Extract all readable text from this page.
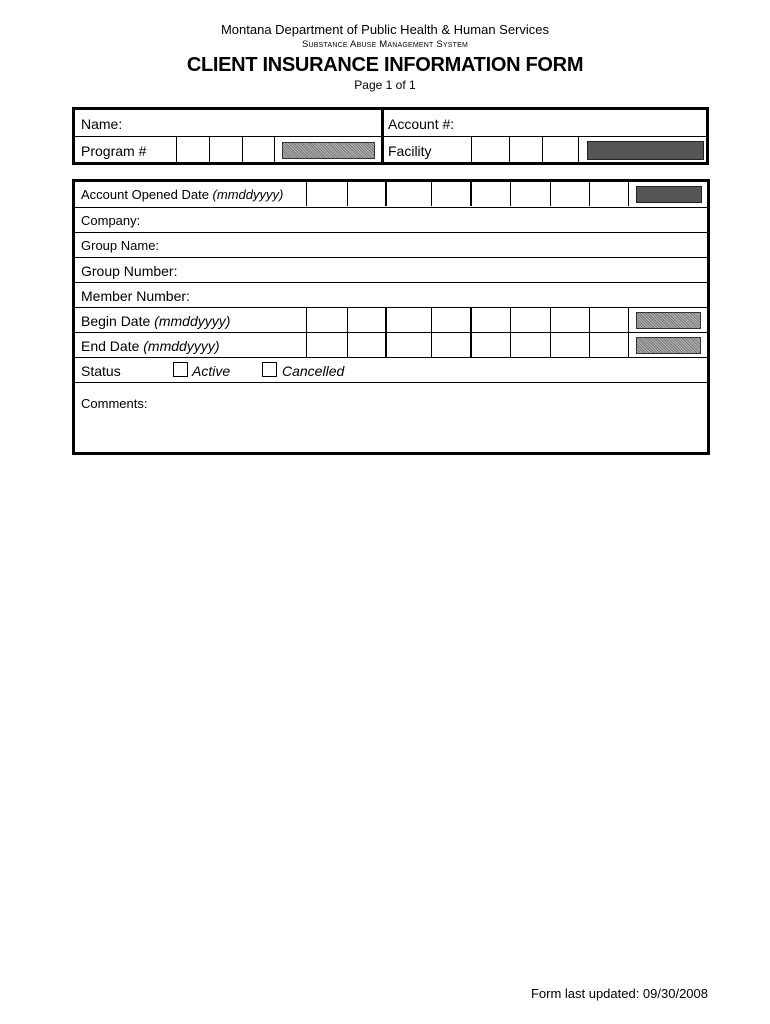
Montana Department of Public Health & Human Services
Substance Abuse Management System
CLIENT INSURANCE INFORMATION FORM
Page 1 of 1
Name:
Program #
Account #:
Facility
Account Opened Date (mmddyyyy)
Company:
Group Name:
Group Number:
Member Number:
Begin Date (mmddyyyy)
End Date (mmddyyyy)
Status	Active	Cancelled
Comments:
Form last updated: 09/30/2008
